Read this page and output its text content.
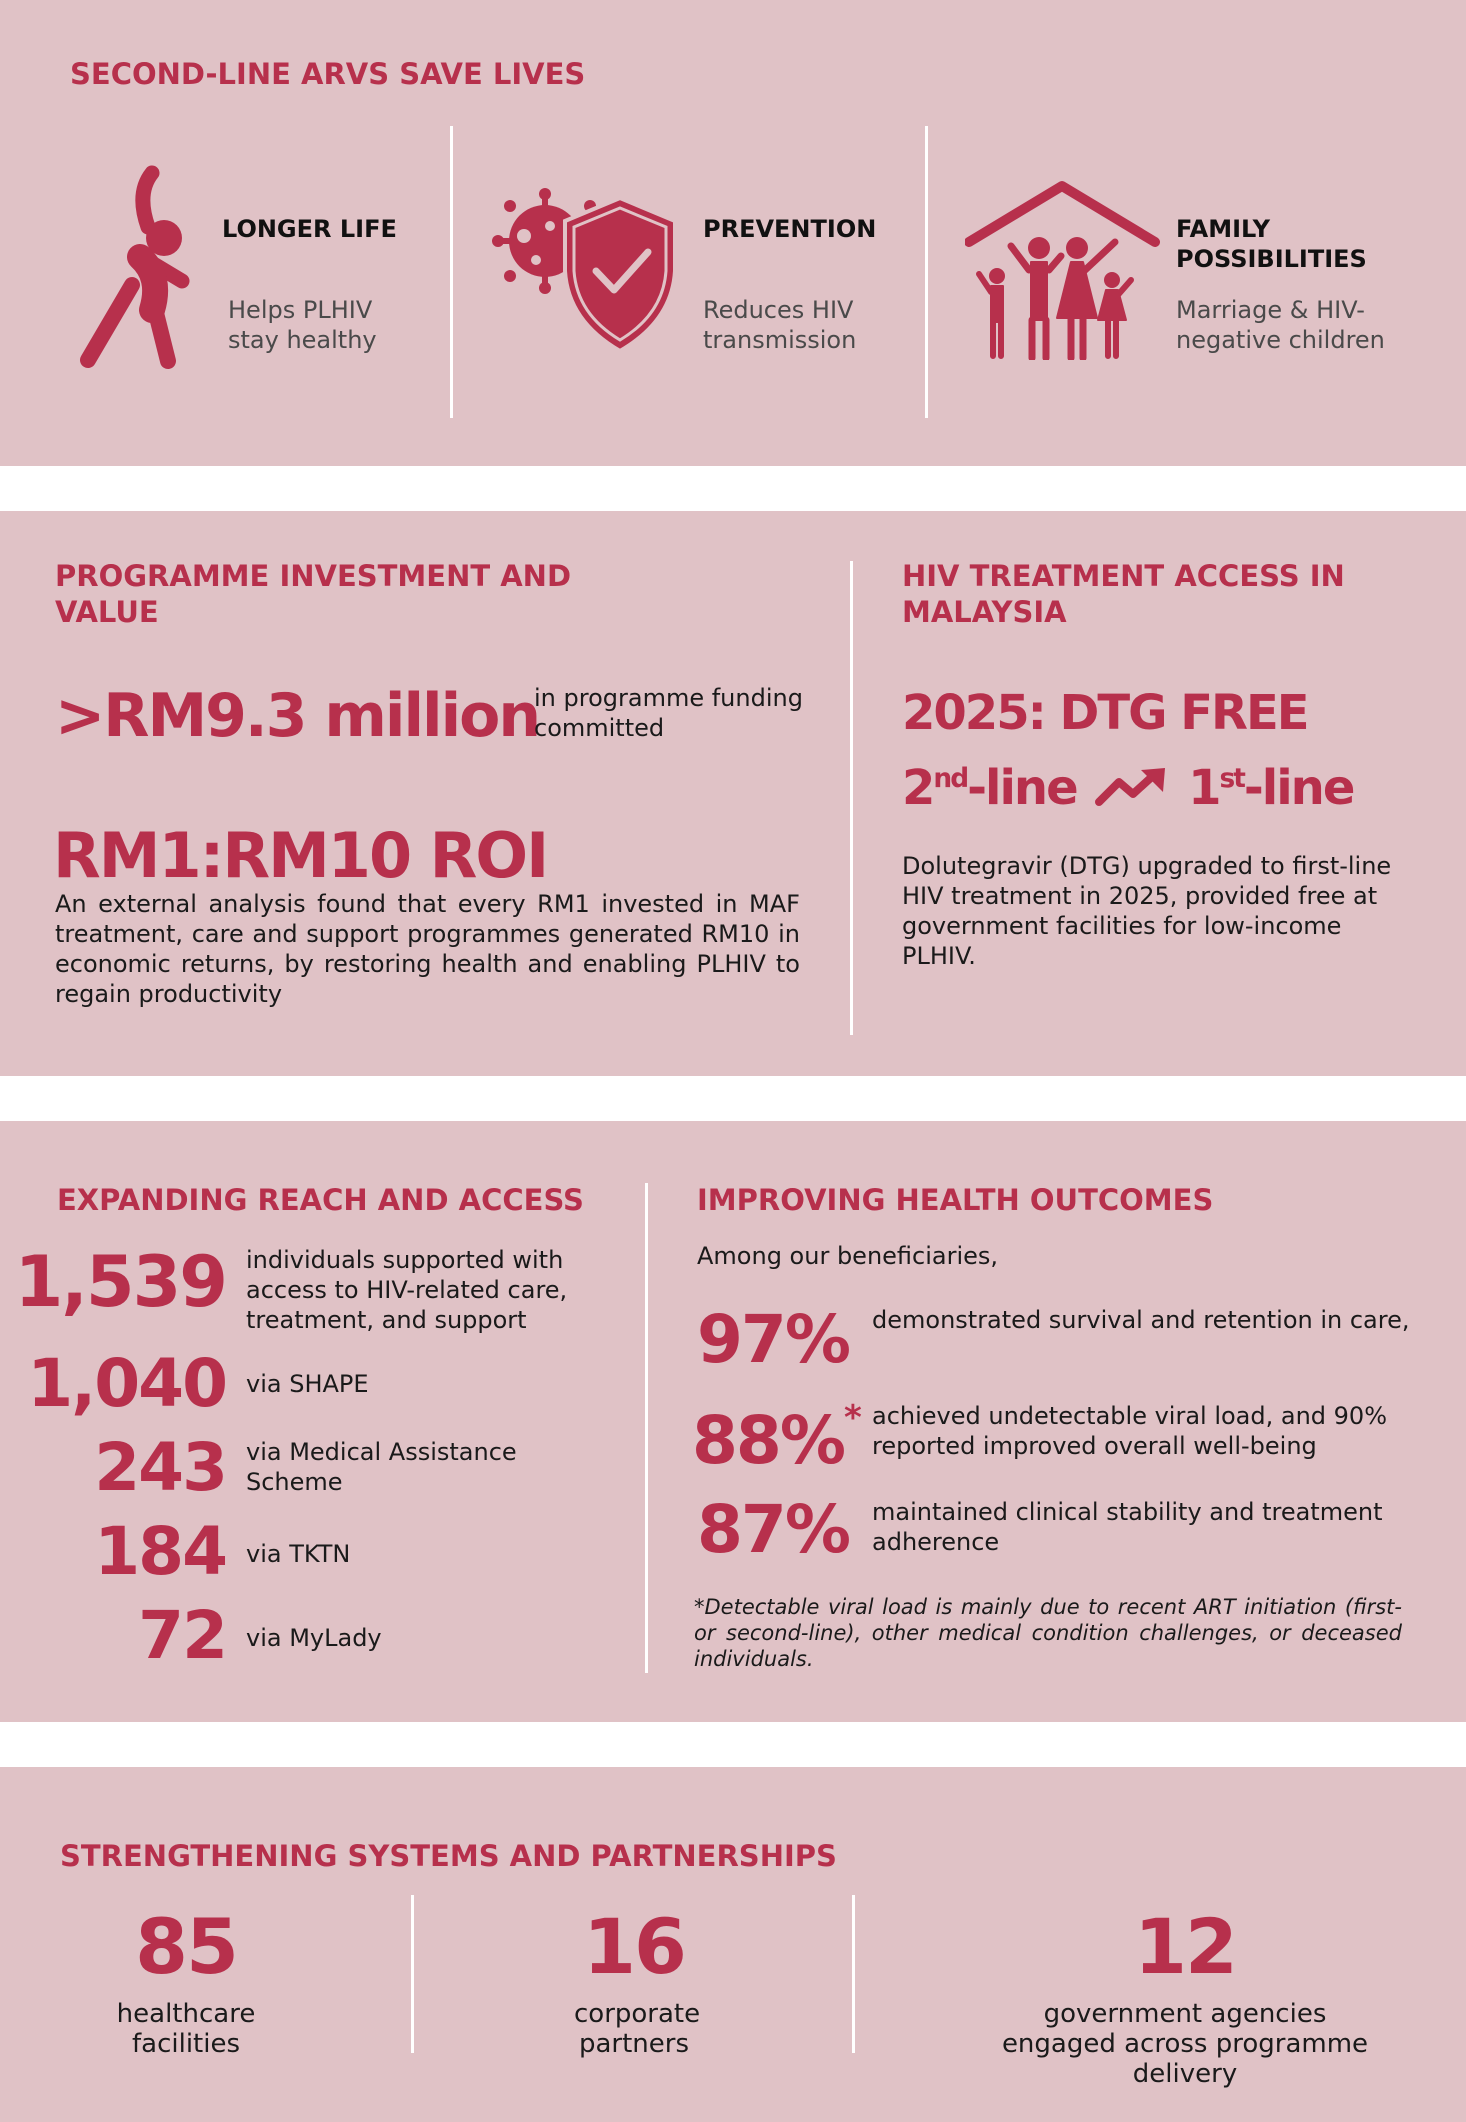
SECOND-LINE ARVS SAVE LIVES
LONGER LIFE
Helps PLHIV stay healthy
PREVENTION
Reduces HIV transmission
FAMILY POSSIBILITIES
Marriage & HIV-negative children
PROGRAMME INVESTMENT AND VALUE
>RM9.3 million
in programme funding committed
RM1:RM10 ROI
An external analysis found that every RM1 invested in MAF treatment, care and support programmes generated RM10 in economic returns, by restoring health and enabling PLHIV to regain productivity
HIV TREATMENT ACCESS IN MALAYSIA
2025: DTG FREE
2nd-line 1st-line
Dolutegravir (DTG) upgraded to first-line HIV treatment in 2025, provided free at government facilities for low-income PLHIV.
EXPANDING REACH AND ACCESS
1,539 individuals supported with access to HIV-related care, treatment, and support
1,040 via SHAPE
243 via Medical Assistance Scheme
184 via TKTN
72 via MyLady
IMPROVING HEALTH OUTCOMES
Among our beneficiaries,
97% demonstrated survival and retention in care,
88%* achieved undetectable viral load, and 90% reported improved overall well-being
87% maintained clinical stability and treatment adherence
*Detectable viral load is mainly due to recent ART initiation (first- or second-line), other medical condition challenges, or deceased individuals.
STRENGTHENING SYSTEMS AND PARTNERSHIPS
85
healthcare facilities
16
corporate partners
12
government agencies engaged across programme delivery
